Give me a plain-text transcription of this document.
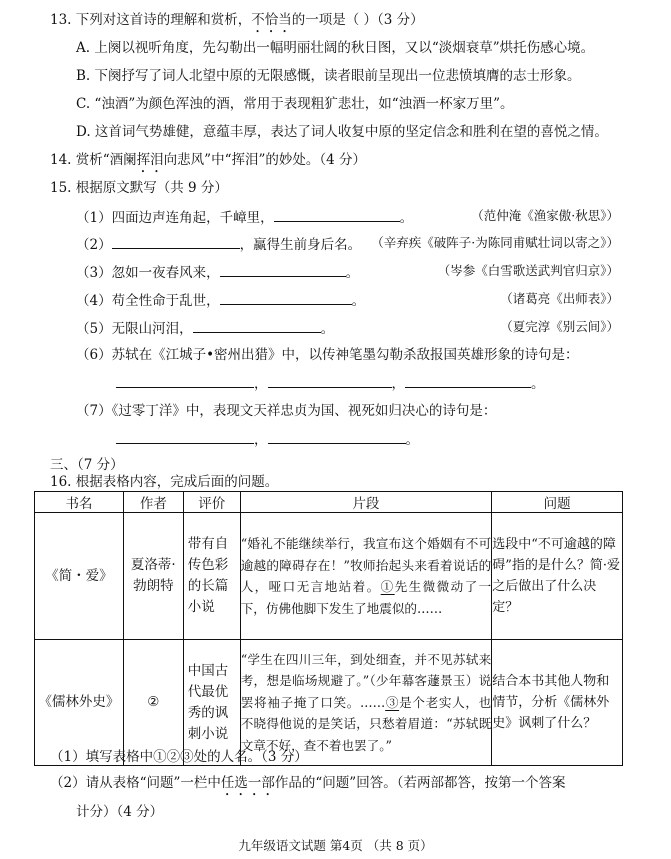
13. 下列对这首诗的理解和赏析，不恰当的一项是（ ）（3 分）
A. 上阕以视听角度，先勾勒出一幅明丽壮阔的秋日图，又以“淡烟衰草”烘托伤感心境。
B. 下阕抒写了词人北望中原的无限感慨，读者眼前呈现出一位悲愤填膺的志士形象。
C. “浊酒”为颜色浑浊的酒，常用于表现粗犷悲壮，如“浊酒一杯家万里”。
D. 这首词气势雄健，意蕴丰厚，表达了词人收复中原的坚定信念和胜利在望的喜悦之情。
14. 赏析“酒阑挥泪向悲风”中“挥泪”的妙处。（4 分）
15. 根据原文默写（共 9 分）
（1）四面边声连角起，千嶂里，	。	（范仲淹《渔家傲·秋思》）
（2）	，赢得生前身后名。 （辛弃疾《破阵子·为陈同甫赋壮词以寄之》）
（3）忽如一夜春风来，	。	（岑参《白雪歌送武判官归京》）
（4）苟全性命于乱世，	。	（诸葛亮《出师表》）
（5）无限山河泪，	。	（夏完淳《别云间》）
（6）苏轼在《江城子•密州出猎》中，以传神笔墨勾勒杀敌报国英雄形象的诗句是：
，	，	。
（7）《过零丁洋》中，表现文天祥忠贞为国、视死如归决心的诗句是：
，	。
三、（7 分）
16. 根据表格内容，完成后面的问题。
书名	作者	评价	片段	问题
《简・爱》	夏洛蒂·勃朗特	带有自传色彩的长篇小说	“婚礼不能继续举行，我宣布这个婚姻有不可逾越的障碍存在！”牧师抬起头来看着说话的人，哑口无言地站着。①先生微微动了一下，仿佛他脚下发生了地震似的……	选段中“不可逾越的障碍”指的是什么？简·爱之后做出了什么决定？
《儒林外史》	②	中国古代最优秀的讽刺小说	“学生在四川三年，到处细查，并不见苏轼来考，想是临场规避了。”（少年幕客蘧景玉）说罢将袖子掩了口笑。……③是个老实人，也不晓得他说的是笑话，只愁着眉道：“苏轼既文章不好，查不着也罢了。”	结合本书其他人物和情节，分析《儒林外史》讽刺了什么？
（1）填写表格中①②③处的人名。（3 分）
（2）请从表格“问题”一栏中任选一部作品的“问题”回答。（若两部都答，按第一个答案
计分）（4 分）
九年级语文试题 第4页 （共 8 页）
